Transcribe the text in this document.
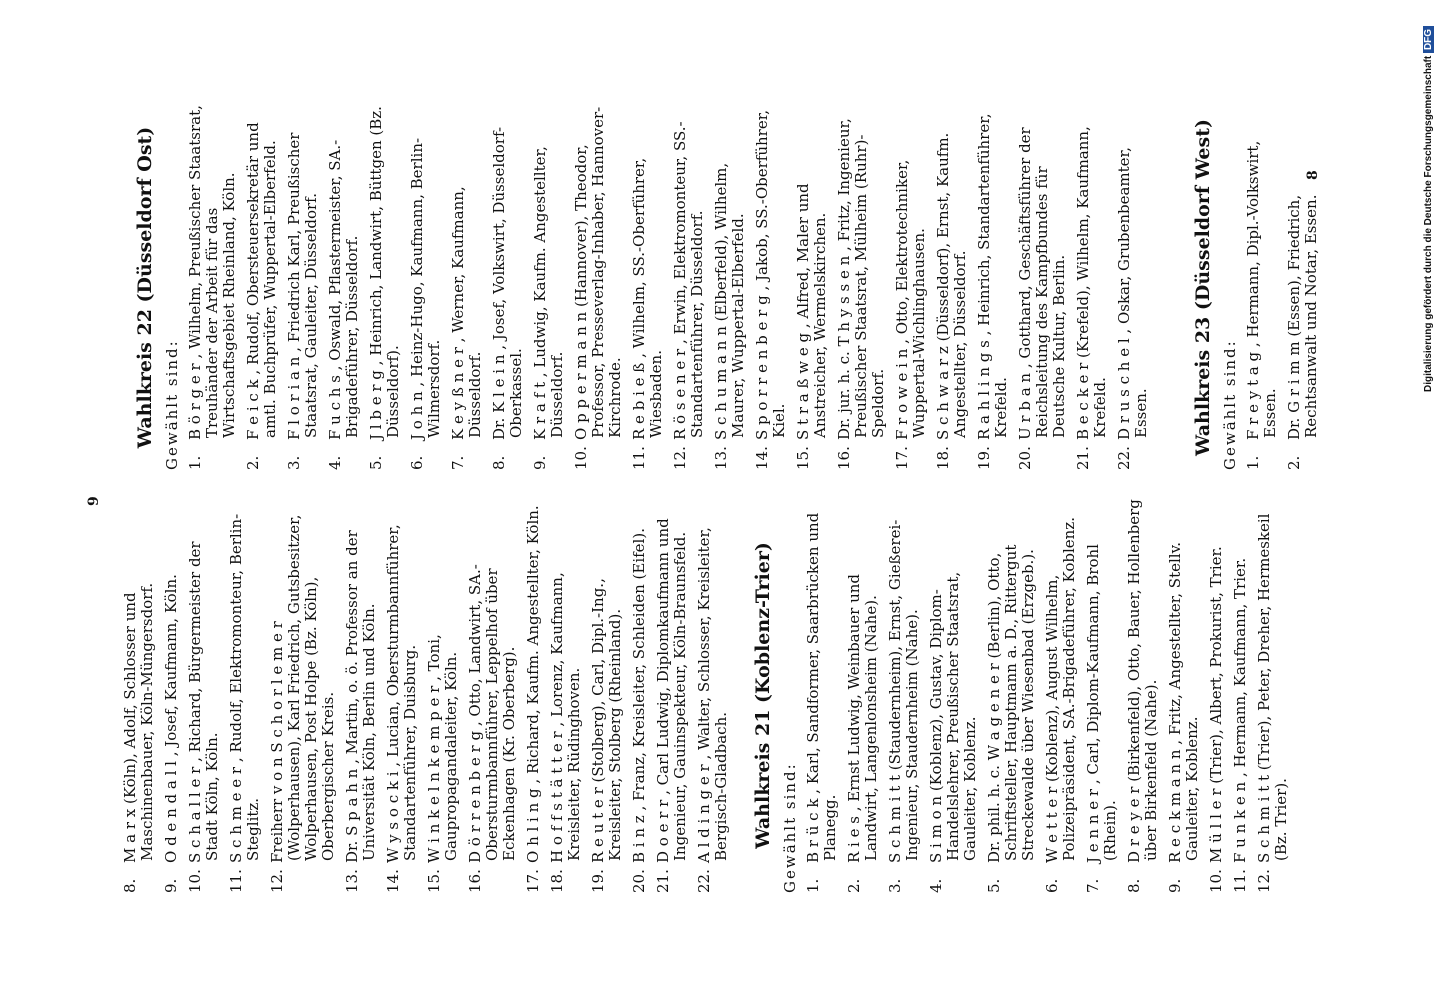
8.M a r x (Köln), Adolf, Schlosser und Maschinenbauer, Köln-Müngersdorf.
9.O d e n d a l l , Josef, Kaufmann, Köln.
10.S c h a l l e r , Richard, Bürgermeister der Stadt Köln, Köln.
11.S c h m e e r , Rudolf, Elektromonteur, Berlin-Steglitz.
12.Freiherr v o n S c h o r l e m e r (Wolperhausen), Karl Friedrich, Gutsbesitzer, Wolperhausen, Post Holpe (Bz. Köln), Oberbergischer Kreis.
13.Dr. S p a h n , Martin, o. ö. Professor an der Universität Köln, Berlin und Köln.
14.W y s o c k i , Lucian, Obersturmbannführer, Standartenführer, Duisburg.
15.W i n k e l n k e m p e r , Toni, Gaupropagandaleiter, Köln.
16.D ö r r e n b e r g , Otto, Landwirt, SA.-Obersturmbannführer, Leppelhof über Eckenhagen (Kr. Oberberg).
17.O h l i n g , Richard, Kaufm. Angestellter, Köln.
18.H o f f s t ä t t e r , Lorenz, Kaufmann, Kreisleiter, Rüdinghoven.
19.R e u t e r (Stolberg), Carl, Dipl.-Ing., Kreisleiter, Stolberg (Rheinland).
20.B i n z , Franz, Kreisleiter, Schleiden (Eifel).
21.D o e r r , Carl Ludwig, Diplomkaufmann und Ingenieur, Gauinspekteur, Köln-Braunsfeld.
22.A l d i n g e r , Walter, Schlosser, Kreisleiter, Bergisch-Gladbach.
9
Wahlkreis 21 (Koblenz-Trier) Gewählt sind: 1.B r ü c k , Karl, Sandformer, Saarbrücken und Planegg.
2.R i e s , Ernst Ludwig, Weinbauer und Landwirt, Langenlonsheim (Nahe).
3.S c h m i t t (Staudernheim), Ernst, Gießerei-Ingenieur, Staudernheim (Nahe).
4.S i m o n (Koblenz), Gustav, Diplom-Handelslehrer, Preußischer Staatsrat, Gauleiter, Koblenz.
5.Dr. phil. h. c. W a g e n e r (Berlin), Otto, Schriftsteller, Hauptmann a. D., Rittergut Streckewalde über Wiesenbad (Erzgeb.).
6.W e t t e r (Koblenz), August Wilhelm, Polizeipräsident, SA.-Brigadeführer, Koblenz.
7.J e n n e r , Carl, Diplom-Kaufmann, Brohl (Rhein).
8.D r e y e r (Birkenfeld), Otto, Bauer, Hollenberg über Birkenfeld (Nahe).
9.R e c k m a n n , Fritz, Angestellter, Stellv. Gauleiter, Koblenz.
10.M ü l l e r (Trier), Albert, Prokurist, Trier.
11.F u n k e n , Hermann, Kaufmann, Trier.
12.S c h m i t t (Trier), Peter, Dreher, Hermeskeil (Bz. Trier).
Wahlkreis 22 (Düsseldorf Ost) Gewählt sind: 1.B ö r g e r , Wilhelm, Preußischer Staatsrat, Treuhänder der Arbeit für das Wirtschaftsgebiet Rheinland, Köln.
2.F e i c k , Rudolf, Obersteuersekretär und amtl. Buchprüfer, Wuppertal-Elberfeld.
3.F l o r i a n , Friedrich Karl, Preußischer Staatsrat, Gauleiter, Düsseldorf.
4.F u c h s , Oswald, Pflastermeister, SA.-Brigadeführer, Düsseldorf.
5.J l b e r g , Heinrich, Landwirt, Büttgen (Bz. Düsseldorf).
6.J o h n , Heinz-Hugo, Kaufmann, Berlin-Wilmersdorf.
7.K e y ß n e r , Werner, Kaufmann, Düsseldorf.
8.Dr. K l e i n , Josef, Volkswirt, Düsseldorf-Oberkassel.
9.K r a f t , Ludwig, Kaufm. Angestellter, Düsseldorf.
10.O p p e r m a n n (Hannover), Theodor, Professor, Presseverlag-Inhaber, Hannover-Kirchrode.
11.R e b i e ß , Wilhelm, SS.-Oberführer, Wiesbaden.
12.R ö s e n e r , Erwin, Elektromonteur, SS.-Standartenführer, Düsseldorf.
13.S c h u m a n n (Elberfeld), Wilhelm, Maurer, Wuppertal-Elberfeld.
14.S p o r r e n b e r g , Jakob, SS.-Oberführer, Kiel.
15.S t r a ß w e g , Alfred, Maler und Anstreicher, Wermelskirchen.
16.Dr. jur. h. c. T h y s s e n , Fritz, Ingenieur, Preußischer Staatsrat, Mülheim (Ruhr)-Speldorf.
17.F r o w e i n , Otto, Elektrotechniker, Wuppertal-Wichlinghausen.
18.S c h w a r z (Düsseldorf), Ernst, Kaufm. Angestellter, Düsseldorf.
19.R a h l i n g s , Heinrich, Standartenführer, Krefeld.
20.U r b a n , Gotthard, Geschäftsführer der Reichsleitung des Kampfbundes für Deutsche Kultur, Berlin.
21.B e c k e r (Krefeld), Wilhelm, Kaufmann, Krefeld.
22.D r u s c h e l , Oskar, Grubenbeamter, Essen. Wahlkreis 23 (Düsseldorf West) Gewählt sind: 1.F r e y t a g , Hermann, Dipl.-Volkswirt, Essen.
2.Dr. G r i m m (Essen), Friedrich, Rechtsanwalt und Notar, Essen.
8	Digitalisierung gefördert durch die Deutsche Forschungsgemeinschaft DFG
